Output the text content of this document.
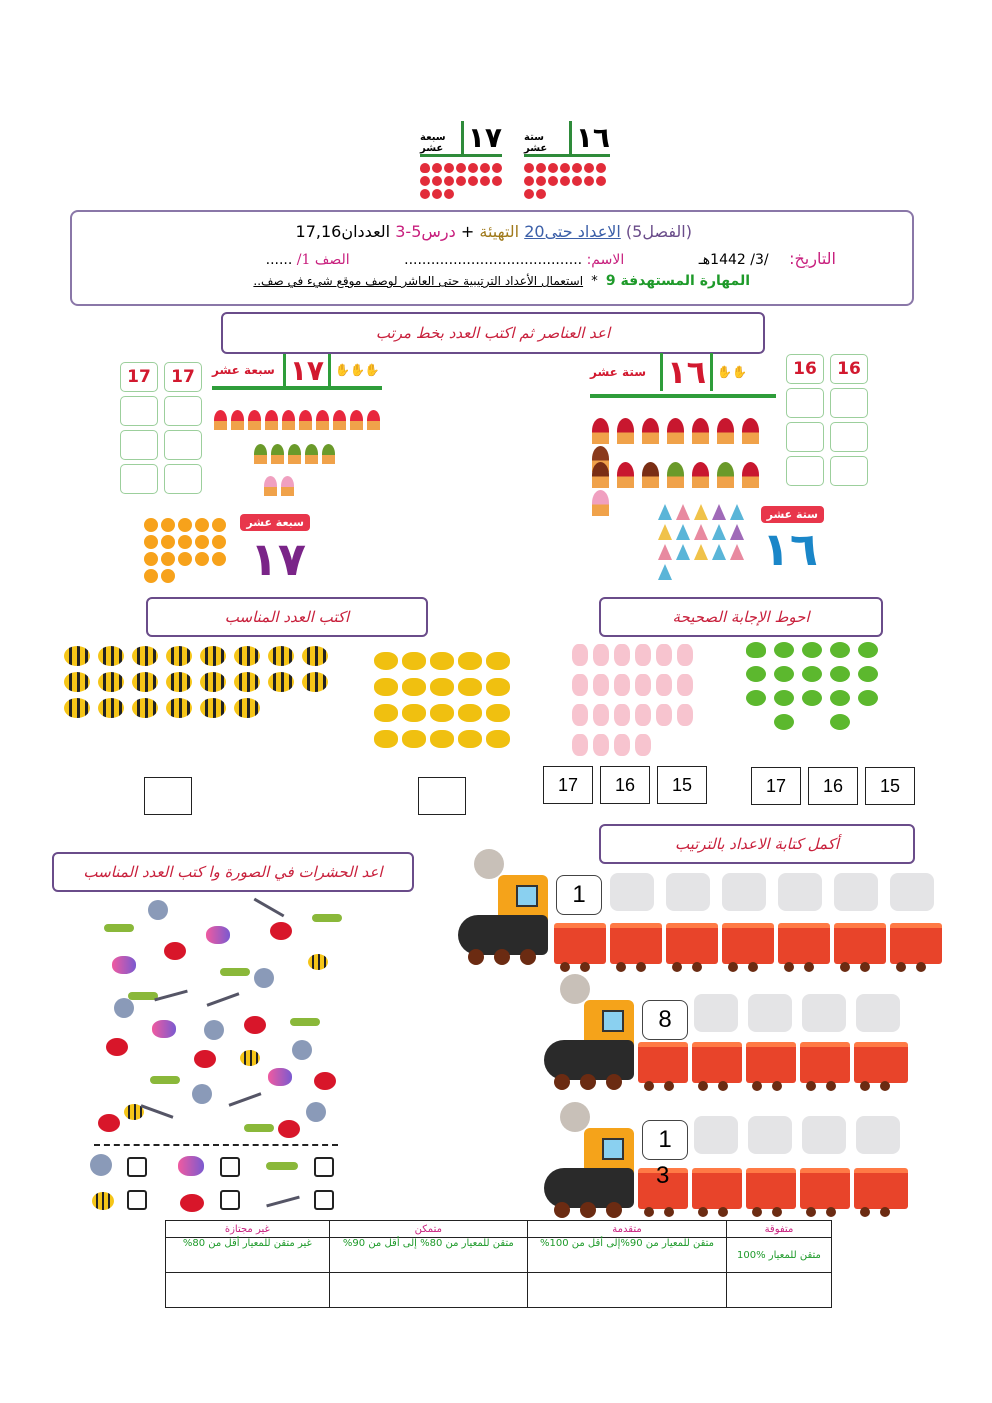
سبعة عشر ١٧ ستة عشر	١٦
(الفصل5) الاعداد حتى20 التهيئة + درس5-3 العددان17,16
التاريخ: /3/ 1442هـ الاسم: ........................................ الصف 1/ ......
المهارة المستهدفة 9 * استعمال الأعداد الترتيبية حتى العاشر لوصف موقع شيء في صف..
اعد العناصر ثم اكتب العدد بخط مرتب
17	17	سبعة عشر ١٧ ✋✋✋
سبعة عشر
١٧
16	16
ستة عشر ١٦ ✋✋
ستة عشر
١٦
اكتب العدد المناسب	احوط الإجابة الصحيحة
17	16	15	17	16	15
أكمل كتابة الاعداد بالترتيب
اعد الحشرات في الصورة وا كتب العدد المناسب
1
8
1
3
متفوقة	متقدمة	متمكن	غير مجتازة
متقن للمعيار %100	متقن للمعيار من 90%إلى أقل من 100%	متقن للمعيار من 80% إلى أقل من 90%	غير متقن للمعيار أقل من 80%
